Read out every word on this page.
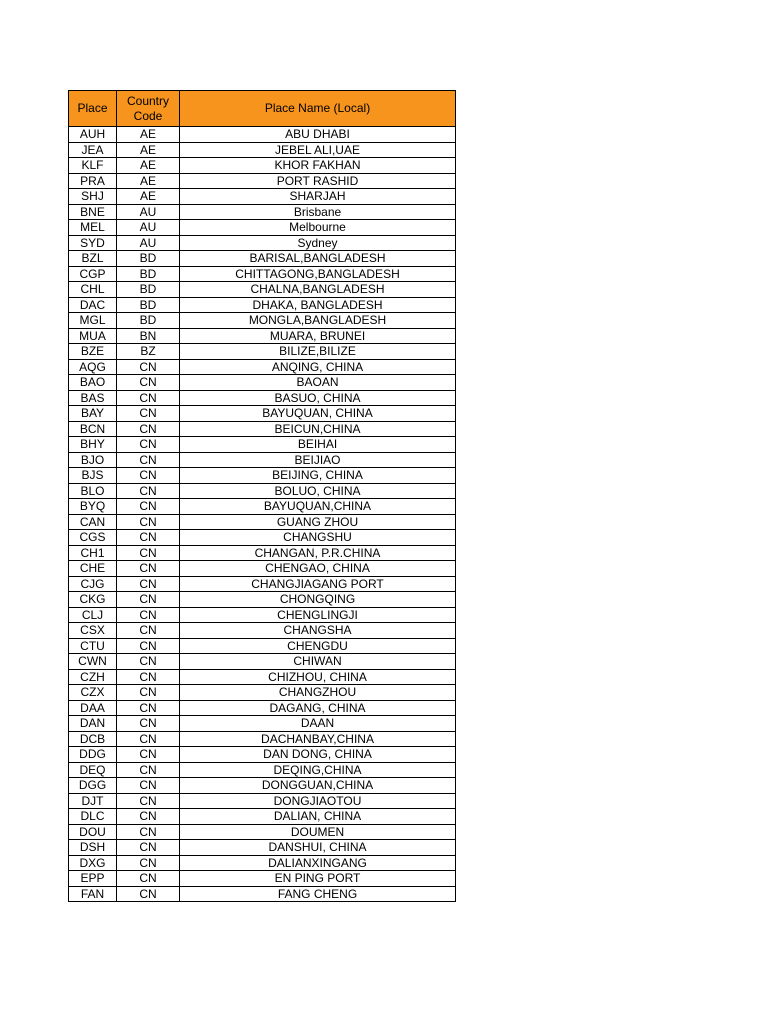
Place	Country Code	Place Name (Local)
AUH	AE	ABU DHABI
JEA	AE	JEBEL ALI,UAE
KLF	AE	KHOR FAKHAN
PRA	AE	PORT RASHID
SHJ	AE	SHARJAH
BNE	AU	Brisbane
MEL	AU	Melbourne
SYD	AU	Sydney
BZL	BD	BARISAL,BANGLADESH
CGP	BD	CHITTAGONG,BANGLADESH
CHL	BD	CHALNA,BANGLADESH
DAC	BD	DHAKA, BANGLADESH
MGL	BD	MONGLA,BANGLADESH
MUA	BN	MUARA, BRUNEI
BZE	BZ	BILIZE,BILIZE
AQG	CN	ANQING, CHINA
BAO	CN	BAOAN
BAS	CN	BASUO, CHINA
BAY	CN	BAYUQUAN, CHINA
BCN	CN	BEICUN,CHINA
BHY	CN	BEIHAI
BJO	CN	BEIJIAO
BJS	CN	BEIJING, CHINA
BLO	CN	BOLUO, CHINA
BYQ	CN	BAYUQUAN,CHINA
CAN	CN	GUANG ZHOU
CGS	CN	CHANGSHU
CH1	CN	CHANGAN, P.R.CHINA
CHE	CN	CHENGAO, CHINA
CJG	CN	CHANGJIAGANG PORT
CKG	CN	CHONGQING
CLJ	CN	CHENGLINGJI
CSX	CN	CHANGSHA
CTU	CN	CHENGDU
CWN	CN	CHIWAN
CZH	CN	CHIZHOU, CHINA
CZX	CN	CHANGZHOU
DAA	CN	DAGANG, CHINA
DAN	CN	DAAN
DCB	CN	DACHANBAY,CHINA
DDG	CN	DAN DONG, CHINA
DEQ	CN	DEQING,CHINA
DGG	CN	DONGGUAN,CHINA
DJT	CN	DONGJIAOTOU
DLC	CN	DALIAN, CHINA
DOU	CN	DOUMEN
DSH	CN	DANSHUI, CHINA
DXG	CN	DALIANXINGANG
EPP	CN	EN PING PORT
FAN	CN	FANG CHENG
